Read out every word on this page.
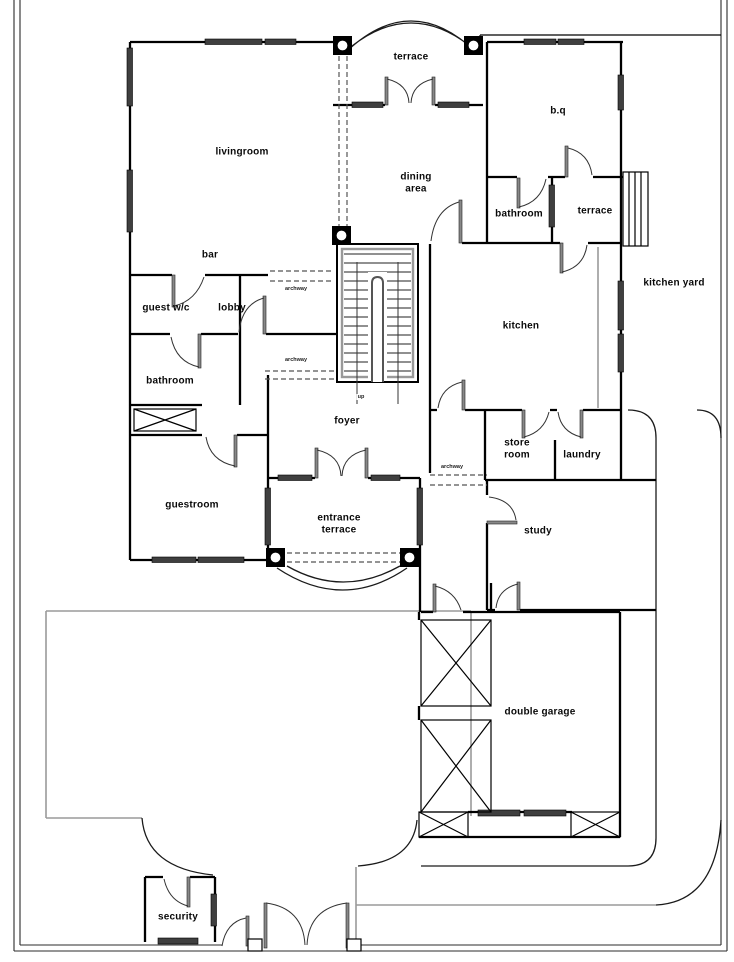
terrace
b.q
livingroom
dining area
bathroom	terrace
kitchen yard
bar
guest w/c	lobby
kitchen
bathroom
foyer
store room	laundry
guestroom
entrance terrace	study
double garage
security
archway
archway
archway
up
